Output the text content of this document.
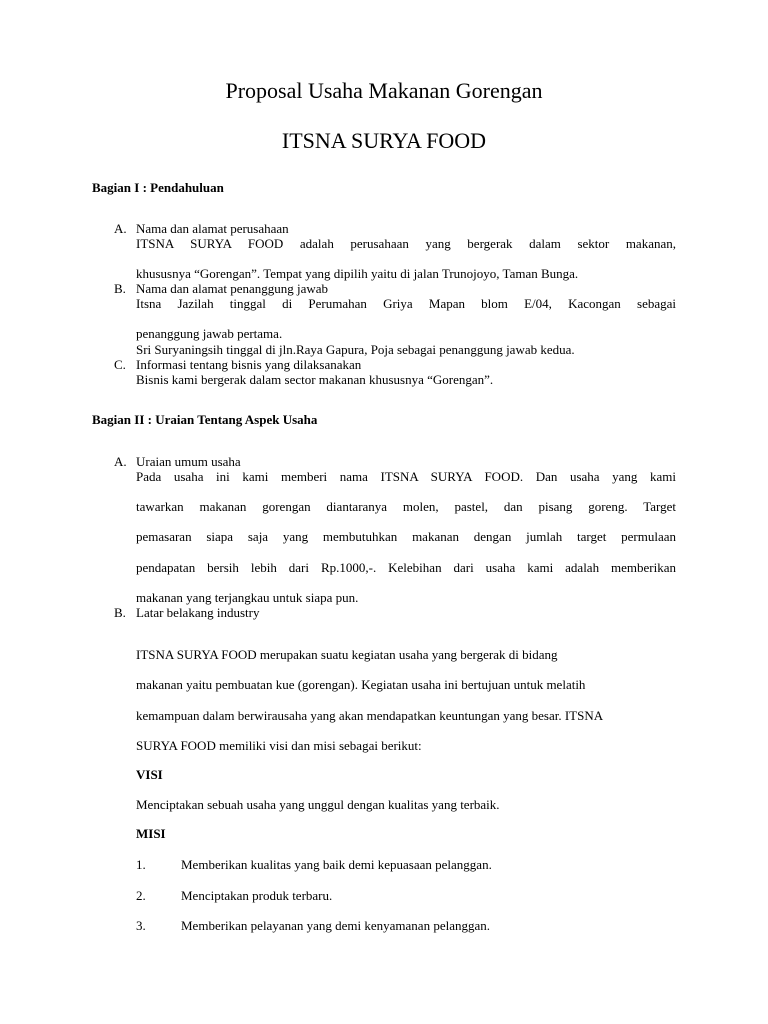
Proposal Usaha Makanan Gorengan
ITSNA SURYA FOOD
Bagian I : Pendahuluan
A. Nama dan alamat perusahaan
ITSNA SURYA FOOD adalah perusahaan yang bergerak dalam sektor makanan,
khususnya “Gorengan”. Tempat yang dipilih yaitu di jalan Trunojoyo, Taman Bunga.
B. Nama dan alamat penanggung jawab
Itsna Jazilah tinggal di Perumahan Griya Mapan blom E/04, Kacongan sebagai
penanggung jawab pertama.
Sri Suryaningsih tinggal di jln.Raya Gapura, Poja sebagai penanggung jawab kedua.
C. Informasi tentang bisnis yang dilaksanakan
Bisnis kami bergerak dalam sector makanan khususnya “Gorengan”.
Bagian II : Uraian Tentang Aspek Usaha
A. Uraian umum usaha
Pada usaha ini kami memberi nama ITSNA SURYA FOOD. Dan usaha yang kami
tawarkan makanan gorengan diantaranya molen, pastel, dan pisang goreng. Target
pemasaran siapa saja yang membutuhkan makanan dengan jumlah target permulaan
pendapatan bersih lebih dari Rp.1000,-. Kelebihan dari usaha kami adalah memberikan
makanan yang terjangkau untuk siapa pun.
B. Latar belakang industry
ITSNA SURYA FOOD merupakan suatu kegiatan usaha yang bergerak di bidang
makanan yaitu pembuatan kue (gorengan). Kegiatan usaha ini bertujuan untuk melatih
kemampuan dalam berwirausaha yang akan mendapatkan keuntungan yang besar. ITSNA
SURYA FOOD memiliki visi dan misi sebagai berikut:
VISI
Menciptakan sebuah usaha yang unggul dengan kualitas yang terbaik.
MISI
1.	Memberikan kualitas yang baik demi kepuasaan pelanggan.
2.	Menciptakan produk terbaru.
3.	Memberikan pelayanan yang demi kenyamanan pelanggan.
